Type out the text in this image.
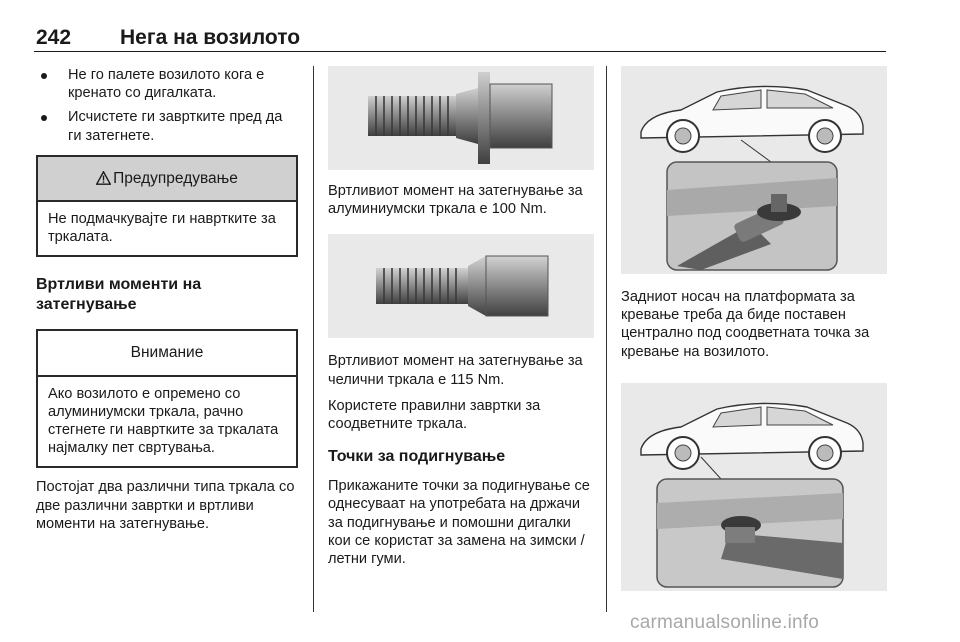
242 Нега на возилото
Не го палете возилото кога е кренато со дигалката.
Исчистете ги завртките пред да ги затегнете.
Предупредување
Не подмачкувајте ги навртките за тркалата.
Вртливи моменти на затегнување
Внимание
Ако возилото е опремено со алуминиумски тркала, рачно стегнете ги навртките за тркалата најмалку пет свртувања.

Постојат два различни типа тркала со две различни завртки и вртливи моменти на затегнување.

Вртливиот момент на затегнување за алуминиумски тркала е 100 Nm.

Вртливиот момент на затегнување за челични тркала е 115 Nm.

Користете правилни завртки за соодветните тркала.

Точки за подигнување

Прикажаните точки за подигнување се однесуваат на употребата на држачи за подигнување и помошни дигалки кои се користат за замена на зимски / летни гуми.

Задниот носач на платформата за кревање треба да биде поставен централно под соодветната точка за кревање на возилото.

carmanualsonline.info
